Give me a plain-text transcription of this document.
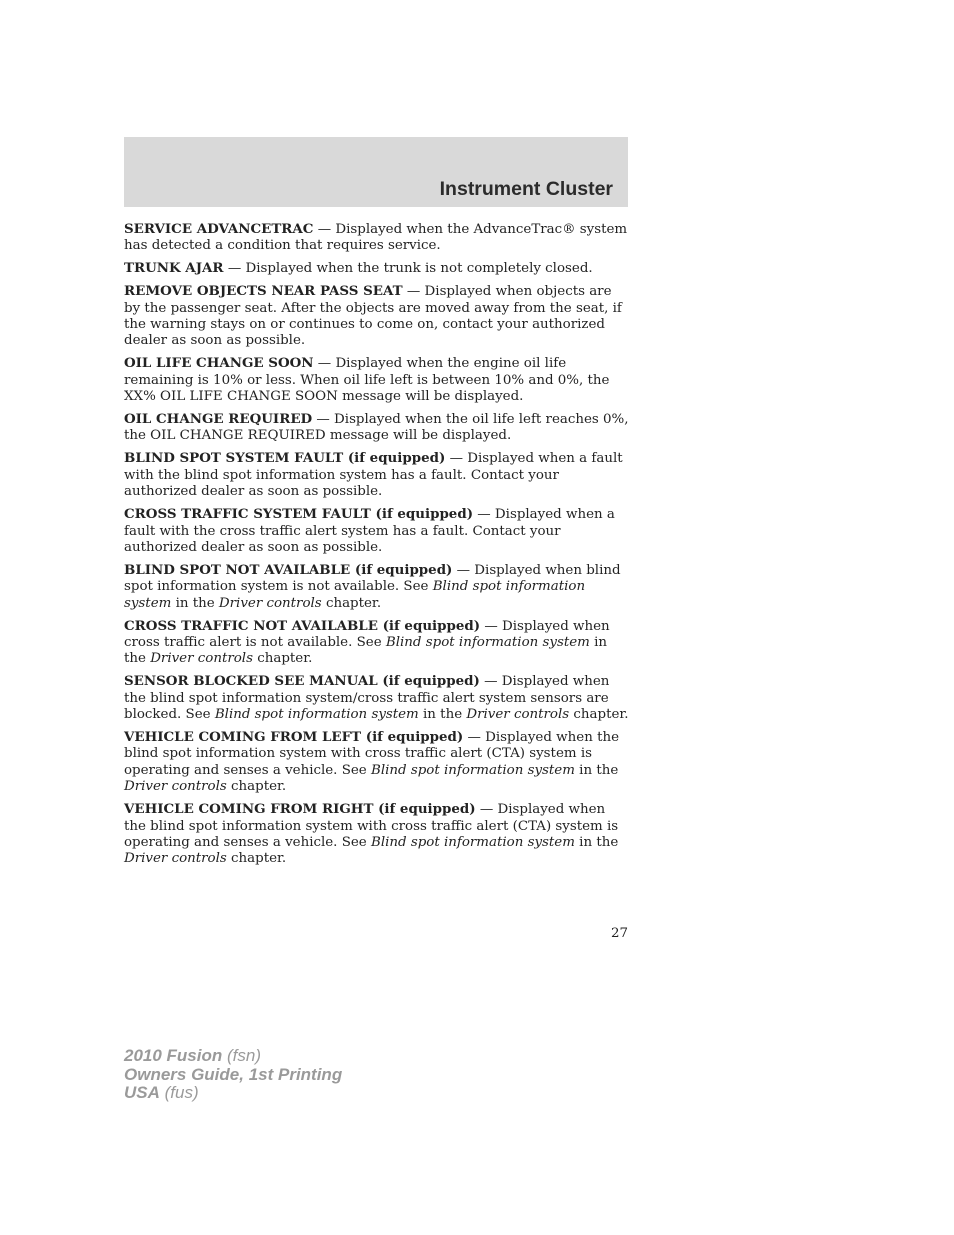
Instrument Cluster

SERVICE ADVANCETRAC — Displayed when the AdvanceTrac® system has detected a condition that requires service.

TRUNK AJAR — Displayed when the trunk is not completely closed.

REMOVE OBJECTS NEAR PASS SEAT — Displayed when objects are by the passenger seat. After the objects are moved away from the seat, if the warning stays on or continues to come on, contact your authorized dealer as soon as possible.

OIL LIFE CHANGE SOON — Displayed when the engine oil life remaining is 10% or less. When oil life left is between 10% and 0%, the XX% OIL LIFE CHANGE SOON message will be displayed.

OIL CHANGE REQUIRED — Displayed when the oil life left reaches 0%, the OIL CHANGE REQUIRED message will be displayed.

BLIND SPOT SYSTEM FAULT (if equipped) — Displayed when a fault with the blind spot information system has a fault. Contact your authorized dealer as soon as possible.

CROSS TRAFFIC SYSTEM FAULT (if equipped) — Displayed when a fault with the cross traffic alert system has a fault. Contact your authorized dealer as soon as possible.

BLIND SPOT NOT AVAILABLE (if equipped) — Displayed when blind spot information system is not available. See Blind spot information system in the Driver controls chapter.

CROSS TRAFFIC NOT AVAILABLE (if equipped) — Displayed when cross traffic alert is not available. See Blind spot information system in the Driver controls chapter.

SENSOR BLOCKED SEE MANUAL (if equipped) — Displayed when the blind spot information system/cross traffic alert system sensors are blocked. See Blind spot information system in the Driver controls chapter.

VEHICLE COMING FROM LEFT (if equipped) — Displayed when the blind spot information system with cross traffic alert (CTA) system is operating and senses a vehicle. See Blind spot information system in the Driver controls chapter.

VEHICLE COMING FROM RIGHT (if equipped) — Displayed when the blind spot information system with cross traffic alert (CTA) system is operating and senses a vehicle. See Blind spot information system in the Driver controls chapter.

27
2010 Fusion (fsn)
Owners Guide, 1st Printing
USA (fus)
